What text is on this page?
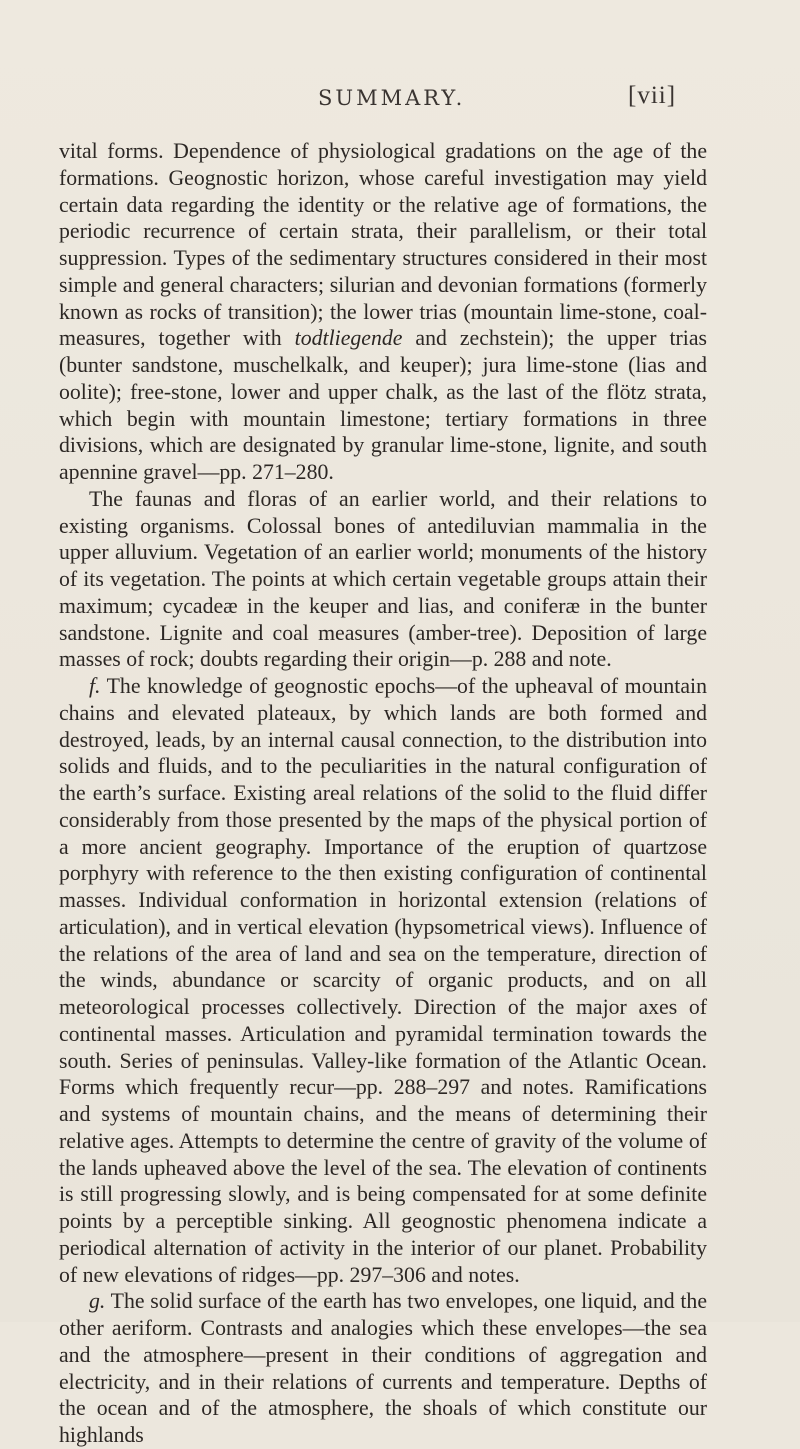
SUMMARY.	[vii]

vital forms. Dependence of physiological gradations on the age of the formations. Geognostic horizon, whose careful investigation may yield certain data regarding the identity or the relative age of formations, the periodic recurrence of certain strata, their parallelism, or their total suppression. Types of the sedimentary structures considered in their most simple and general characters; silurian and devonian formations (formerly known as rocks of transition); the lower trias (mountain lime-stone, coal-measures, together with todtliegende and zechstein); the upper trias (bunter sandstone, muschelkalk, and keuper); jura lime-stone (lias and oolite); free-stone, lower and upper chalk, as the last of the flötz strata, which begin with mountain limestone; tertiary formations in three divisions, which are designated by granular lime-stone, lignite, and south apennine gravel—pp. 271–280.

The faunas and floras of an earlier world, and their relations to existing organisms. Colossal bones of antediluvian mammalia in the upper alluvium. Vegetation of an earlier world; monuments of the history of its vegetation. The points at which certain vegetable groups attain their maximum; cycadeæ in the keuper and lias, and coniferæ in the bunter sandstone. Lignite and coal measures (amber-tree). Deposition of large masses of rock; doubts regarding their origin—p. 288 and note.

f. The knowledge of geognostic epochs—of the upheaval of mountain chains and elevated plateaux, by which lands are both formed and destroyed, leads, by an internal causal connection, to the distribution into solids and fluids, and to the peculiarities in the natural configuration of the earth’s surface. Existing areal relations of the solid to the fluid differ considerably from those presented by the maps of the physical portion of a more ancient geography. Importance of the eruption of quartzose porphyry with reference to the then existing configuration of continental masses. Individual conformation in horizontal extension (relations of articulation), and in vertical elevation (hypsometrical views). Influence of the relations of the area of land and sea on the temperature, direction of the winds, abundance or scarcity of organic products, and on all meteorological processes collectively. Direction of the major axes of continental masses. Articulation and pyramidal termination towards the south. Series of peninsulas. Valley-like formation of the Atlantic Ocean. Forms which frequently recur—pp. 288–297 and notes. Ramifications and systems of mountain chains, and the means of determining their relative ages. Attempts to determine the centre of gravity of the volume of the lands upheaved above the level of the sea. The elevation of continents is still progressing slowly, and is being compensated for at some definite points by a perceptible sinking. All geognostic phenomena indicate a periodical alternation of activity in the interior of our planet. Probability of new elevations of ridges—pp. 297–306 and notes.

g. The solid surface of the earth has two envelopes, one liquid, and the other aeriform. Contrasts and analogies which these envelopes—the sea and the atmosphere—present in their conditions of aggregation and electricity, and in their relations of currents and temperature. Depths of the ocean and of the atmosphere, the shoals of which constitute our highlands
